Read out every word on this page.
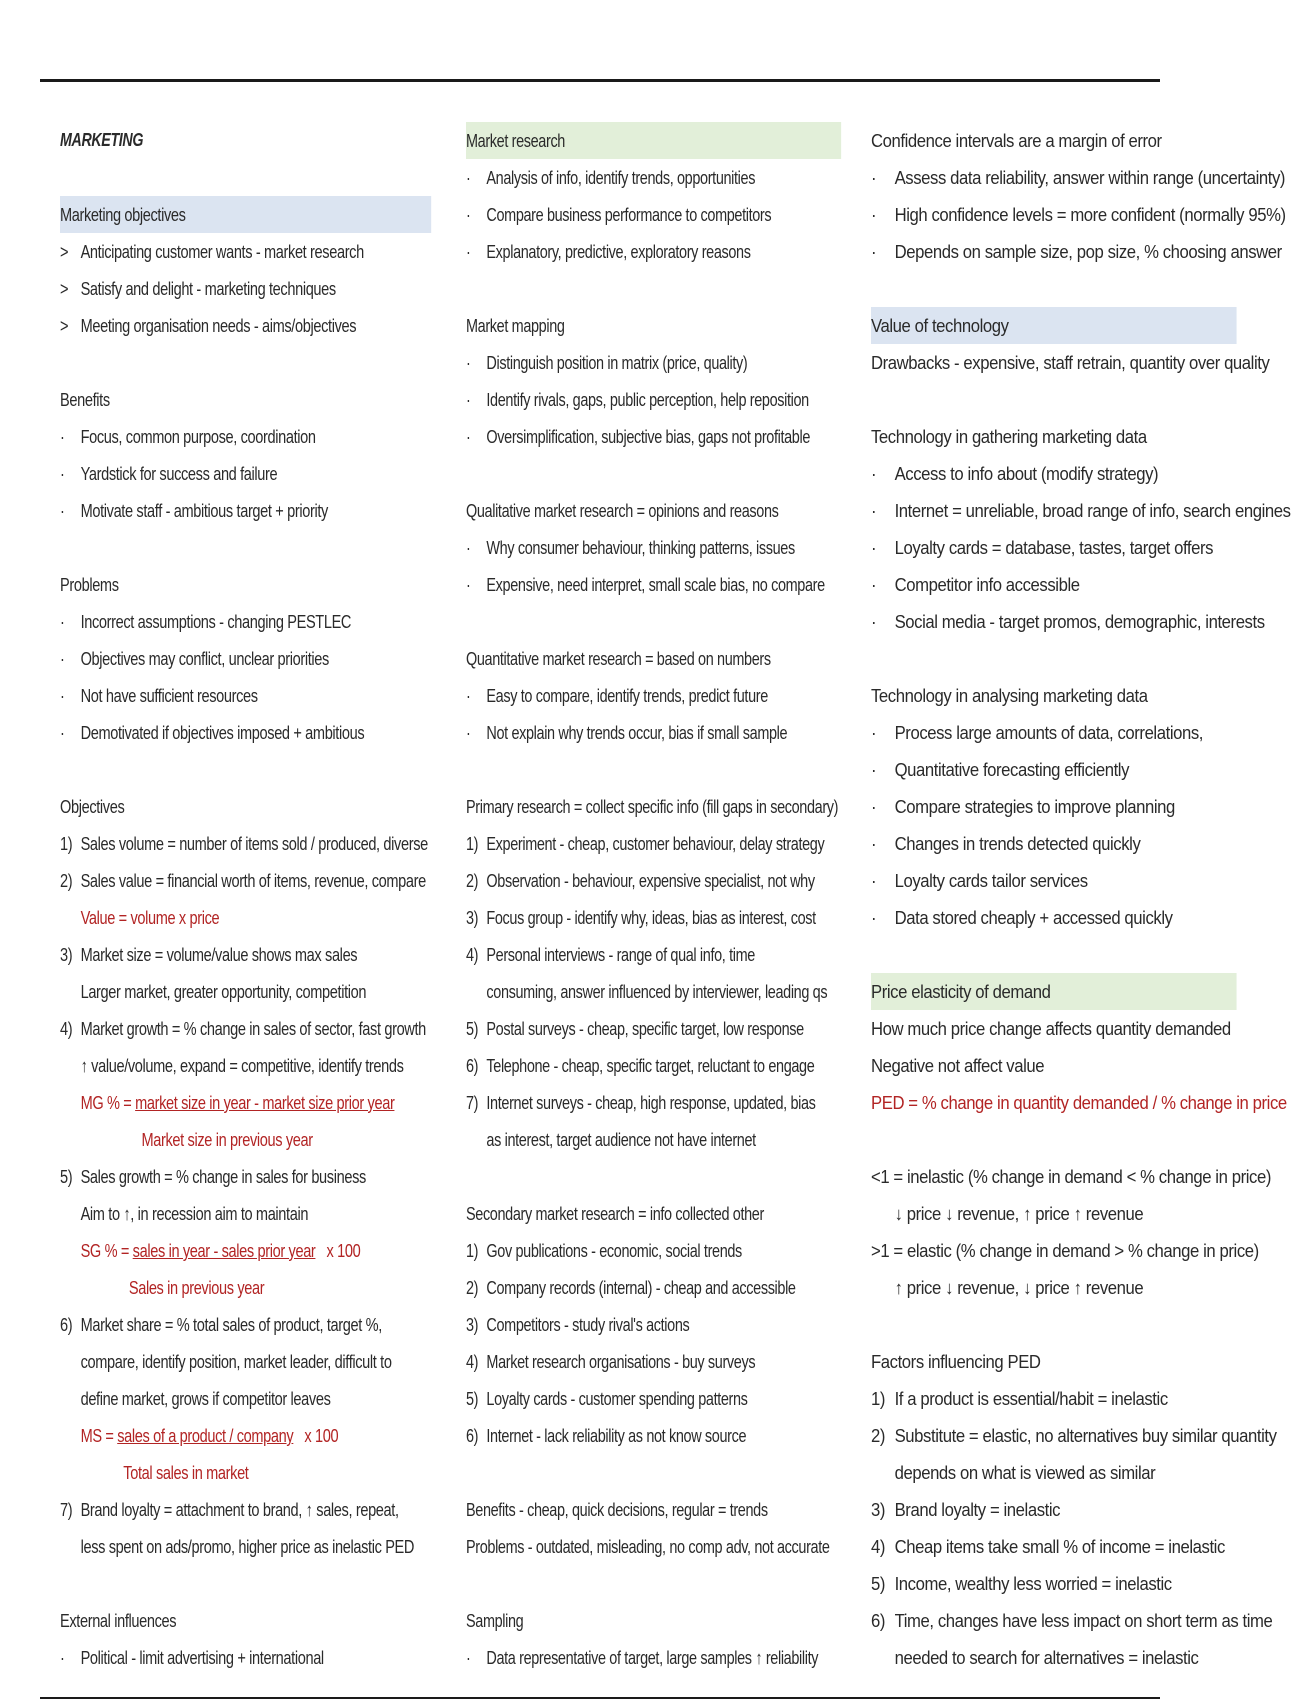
MARKETING
Marketing objectives
> Anticipating customer wants - market research
> Satisfy and delight - marketing techniques
> Meeting organisation needs - aims/objectives
Benefits
· Focus, common purpose, coordination
· Yardstick for success and failure
· Motivate staff - ambitious target + priority
Problems
· Incorrect assumptions - changing PESTLEC
· Objectives may conflict, unclear priorities
· Not have sufficient resources
· Demotivated if objectives imposed + ambitious
Objectives
1) Sales volume = number of items sold / produced, diverse
2) Sales value = financial worth of items, revenue, compare
Value = volume x price
3) Market size = volume/value shows max sales
Larger market, greater opportunity, competition
4) Market growth = % change in sales of sector, fast growth
↑ value/volume, expand = competitive, identify trends
MG % = market size in year - market size prior year
Market size in previous year
5) Sales growth = % change in sales for business
Aim to ↑, in recession aim to maintain
SG % = sales in year - sales prior year   x 100
Sales in previous year
6) Market share = % total sales of product, target %,
compare, identify position, market leader, difficult to
define market, grows if competitor leaves
MS = sales of a product / company   x 100
Total sales in market
7) Brand loyalty = attachment to brand, ↑ sales, repeat,
less spent on ads/promo, higher price as inelastic PED
External influences
· Political - limit advertising + international
Market research
· Analysis of info, identify trends, opportunities
· Compare business performance to competitors
· Explanatory, predictive, exploratory reasons
Market mapping
· Distinguish position in matrix (price, quality)
· Identify rivals, gaps, public perception, help reposition
· Oversimplification, subjective bias, gaps not profitable
Qualitative market research = opinions and reasons
· Why consumer behaviour, thinking patterns, issues
· Expensive, need interpret, small scale bias, no compare
Quantitative market research = based on numbers
· Easy to compare, identify trends, predict future
· Not explain why trends occur, bias if small sample
Primary research = collect specific info (fill gaps in secondary)
1) Experiment - cheap, customer behaviour, delay strategy
2) Observation - behaviour, expensive specialist, not why
3) Focus group - identify why, ideas, bias as interest, cost
4) Personal interviews - range of qual info, time
consuming, answer influenced by interviewer, leading qs
5) Postal surveys - cheap, specific target, low response
6) Telephone - cheap, specific target, reluctant to engage
7) Internet surveys - cheap, high response, updated, bias
as interest, target audience not have internet
Secondary market research = info collected other
1) Gov publications - economic, social trends
2) Company records (internal) - cheap and accessible
3) Competitors - study rival's actions
4) Market research organisations - buy surveys
5) Loyalty cards - customer spending patterns
6) Internet - lack reliability as not know source
Benefits - cheap, quick decisions, regular = trends
Problems - outdated, misleading, no comp adv, not accurate
Sampling
· Data representative of target, large samples ↑ reliability
Confidence intervals are a margin of error
· Assess data reliability, answer within range (uncertainty)
· High confidence levels = more confident (normally 95%)
· Depends on sample size, pop size, % choosing answer
Value of technology
Drawbacks - expensive, staff retrain, quantity over quality
Technology in gathering marketing data
· Access to info about (modify strategy)
· Internet = unreliable, broad range of info, search engines
· Loyalty cards = database, tastes, target offers
· Competitor info accessible
· Social media - target promos, demographic, interests
Technology in analysing marketing data
· Process large amounts of data, correlations,
· Quantitative forecasting efficiently
· Compare strategies to improve planning
· Changes in trends detected quickly
· Loyalty cards tailor services
· Data stored cheaply + accessed quickly
Price elasticity of demand
How much price change affects quantity demanded
Negative not affect value
PED = % change in quantity demanded / % change in price
<1 = inelastic (% change in demand < % change in price)
↓ price ↓ revenue, ↑ price ↑ revenue
>1 = elastic (% change in demand > % change in price)
↑ price ↓ revenue, ↓ price ↑ revenue
Factors influencing PED
1) If a product is essential/habit = inelastic
2) Substitute = elastic, no alternatives buy similar quantity
depends on what is viewed as similar
3) Brand loyalty = inelastic
4) Cheap items take small % of income = inelastic
5) Income, wealthy less worried = inelastic
6) Time, changes have less impact on short term as time
needed to search for alternatives = inelastic
